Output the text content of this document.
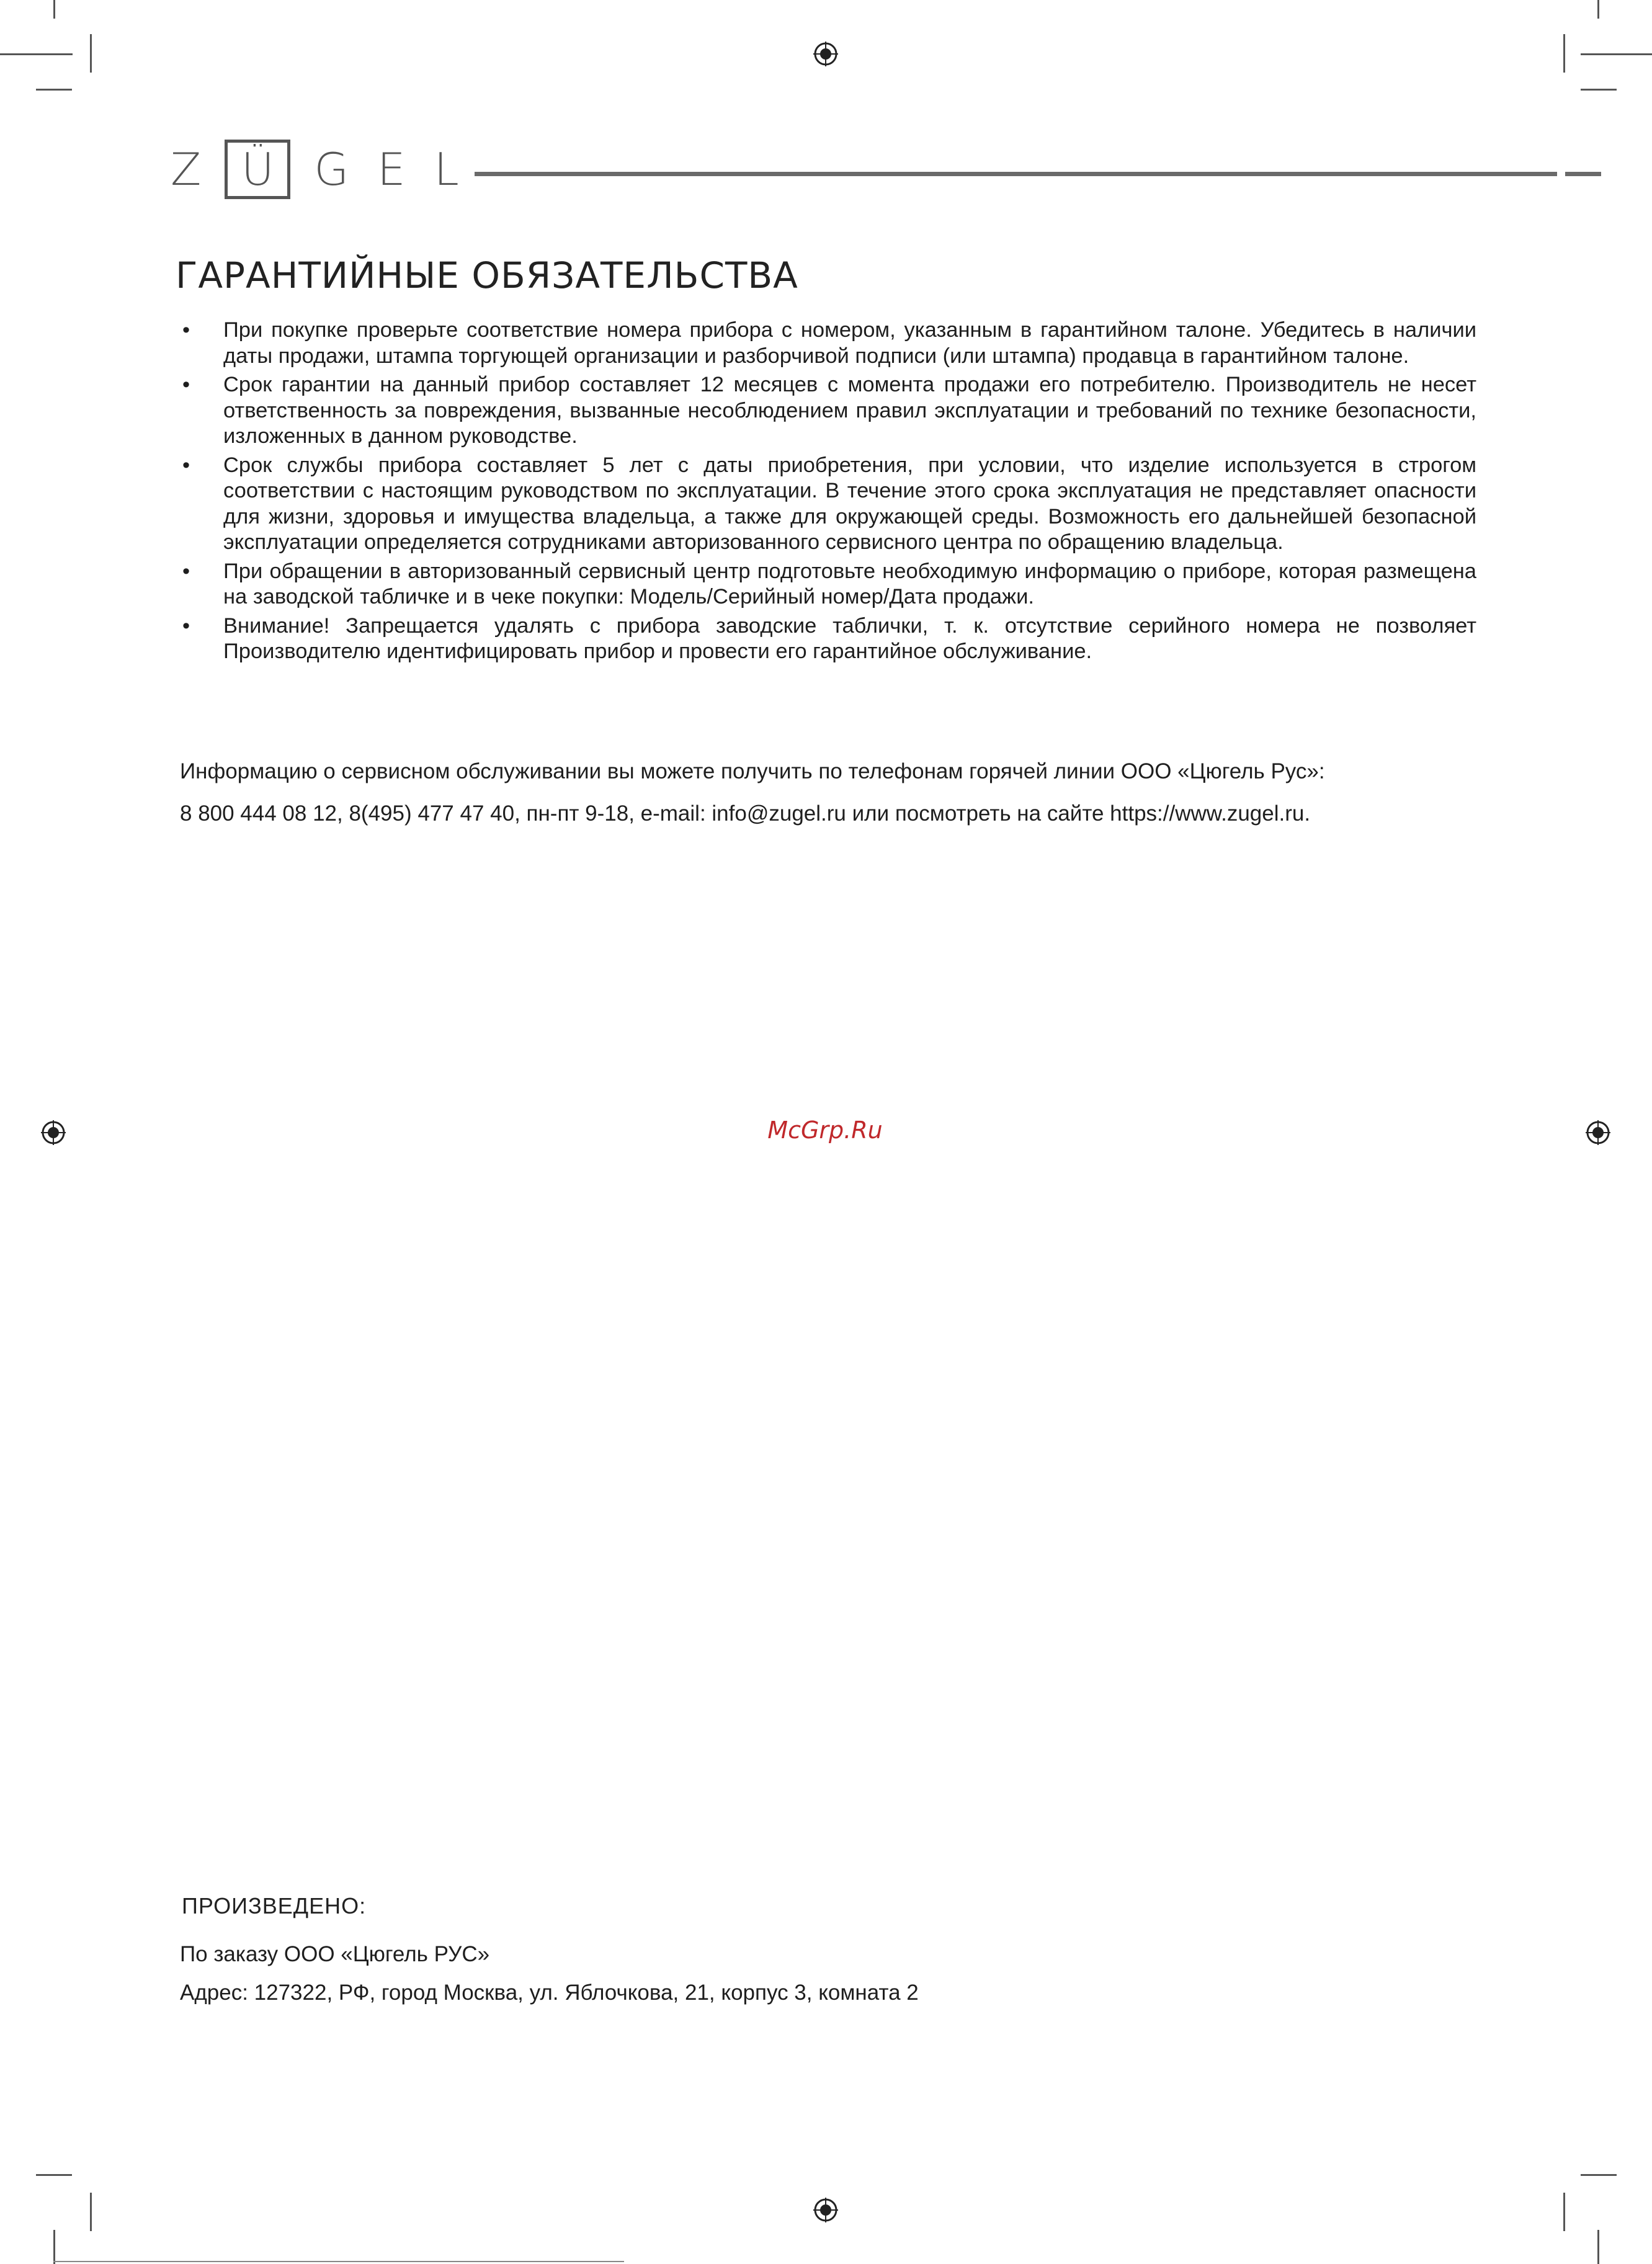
Z Ü G E L
ГАРАНТИЙНЫЕ ОБЯЗАТЕЛЬСТВА
• При покупке проверьте соответствие номера прибора с номером, указанным в гарантийном талоне. Убедитесь в наличии даты продажи, штампа торгующей организации и разборчивой подписи (или штампа) продавца в гарантийном талоне.
• Срок гарантии на данный прибор составляет 12 месяцев с момента продажи его потребителю. Производитель не несет ответственность за повреждения, вызванные несоблюдением правил эксплуатации и требований по технике безопасности, изложенных в данном руководстве.
• Срок службы прибора составляет 5 лет с даты приобретения, при условии, что изделие используется в строгом соответствии с настоящим руководством по эксплуатации. В течение этого срока эксплуатация не представляет опасности для жизни, здоровья и имущества владельца, а также для окружающей среды. Возможность его дальнейшей безопасной эксплуатации определяется сотрудниками авторизованного сервисного центра по обращению владельца.
• При обращении в авторизованный сервисный центр подготовьте необходимую информацию о приборе, которая размещена на заводской табличке и в чеке покупки: Модель/Серийный номер/Дата продажи.
• Внимание! Запрещается удалять с прибора заводские таблички, т. к. отсутствие серийного номера не позволяет Производителю идентифицировать прибор и провести его гарантийное обслуживание.

Информацию о сервисном обслуживании вы можете получить по телефонам горячей линии ООО «Цюгель Рус»:

8 800 444 08 12, 8(495) 477 47 40, пн-пт 9-18, e-mail: info@zugel.ru или посмотреть на сайте https://www.zugel.ru.

McGrp.Ru
ПРОИЗВЕДЕНО:

По заказу ООО «Цюгель РУС»

Адрес: 127322, РФ, город Москва, ул. Яблочкова, 21, корпус 3, комната 2
